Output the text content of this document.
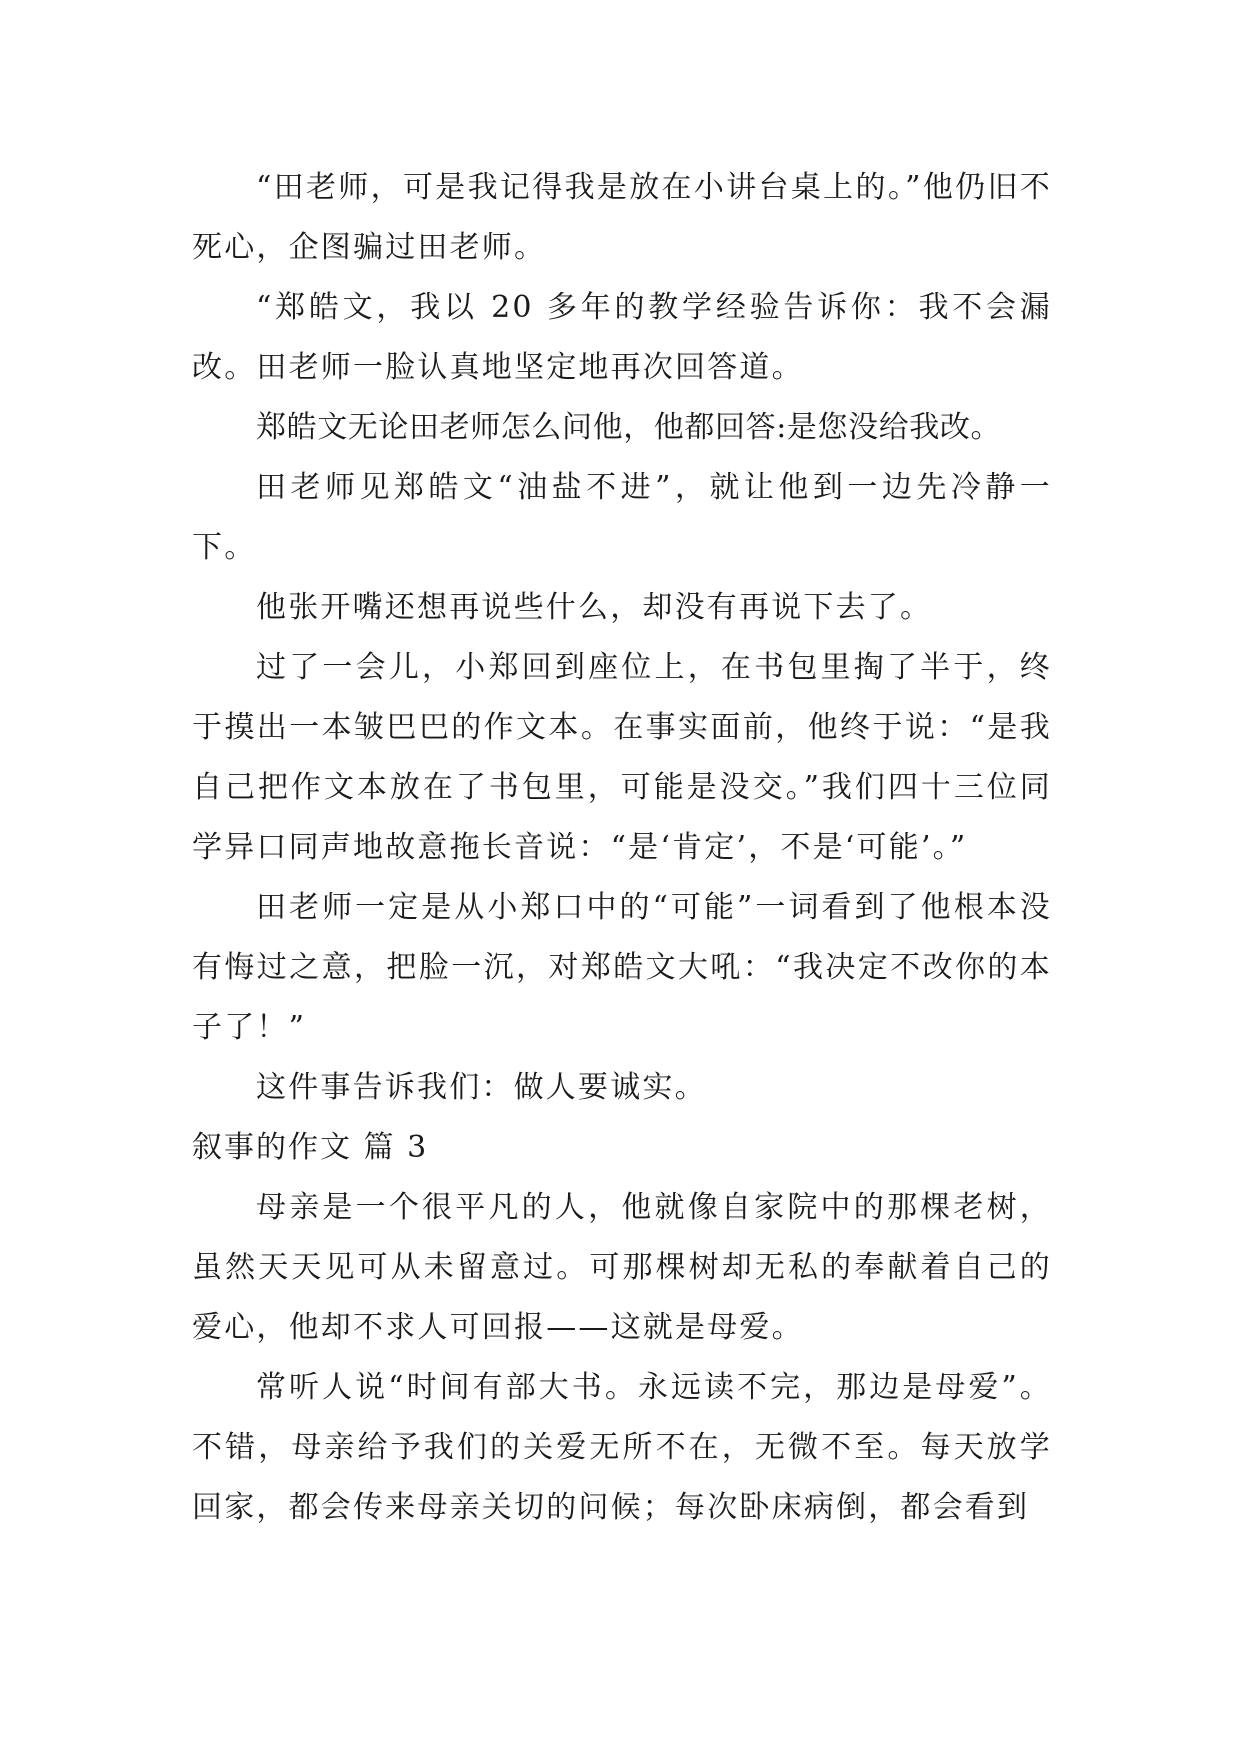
“田老师，可是我记得我是放在小讲台桌上的。”他仍旧不死心，企图骗过田老师。

“郑皓文，我以 20 多年的教学经验告诉你：我不会漏改。田老师一脸认真地坚定地再次回答道。

郑皓文无论田老师怎么问他，他都回答:是您没给我改。

田老师见郑皓文“油盐不进”，就让他到一边先冷静一下。

他张开嘴还想再说些什么，却没有再说下去了。

过了一会儿，小郑回到座位上，在书包里掏了半于，终于摸出一本皱巴巴的作文本。在事实面前，他终于说：“是我自己把作文本放在了书包里，可能是没交。”我们四十三位同学异口同声地故意拖长音说：“是‘肯定’，不是‘可能’。”

田老师一定是从小郑口中的“可能”一词看到了他根本没有悔过之意，把脸一沉，对郑皓文大吼：“我决定不改你的本子了！”

这件事告诉我们：做人要诚实。

叙事的作文 篇 3

母亲是一个很平凡的人，他就像自家院中的那棵老树，虽然天天见可从未留意过。可那棵树却无私的奉献着自己的爱心，他却不求人可回报——这就是母爱。

常听人说“时间有部大书。永远读不完，那边是母爱”。不错，母亲给予我们的关爱无所不在，无微不至。每天放学回家，都会传来母亲关切的问候；每次卧床病倒，都会看到
